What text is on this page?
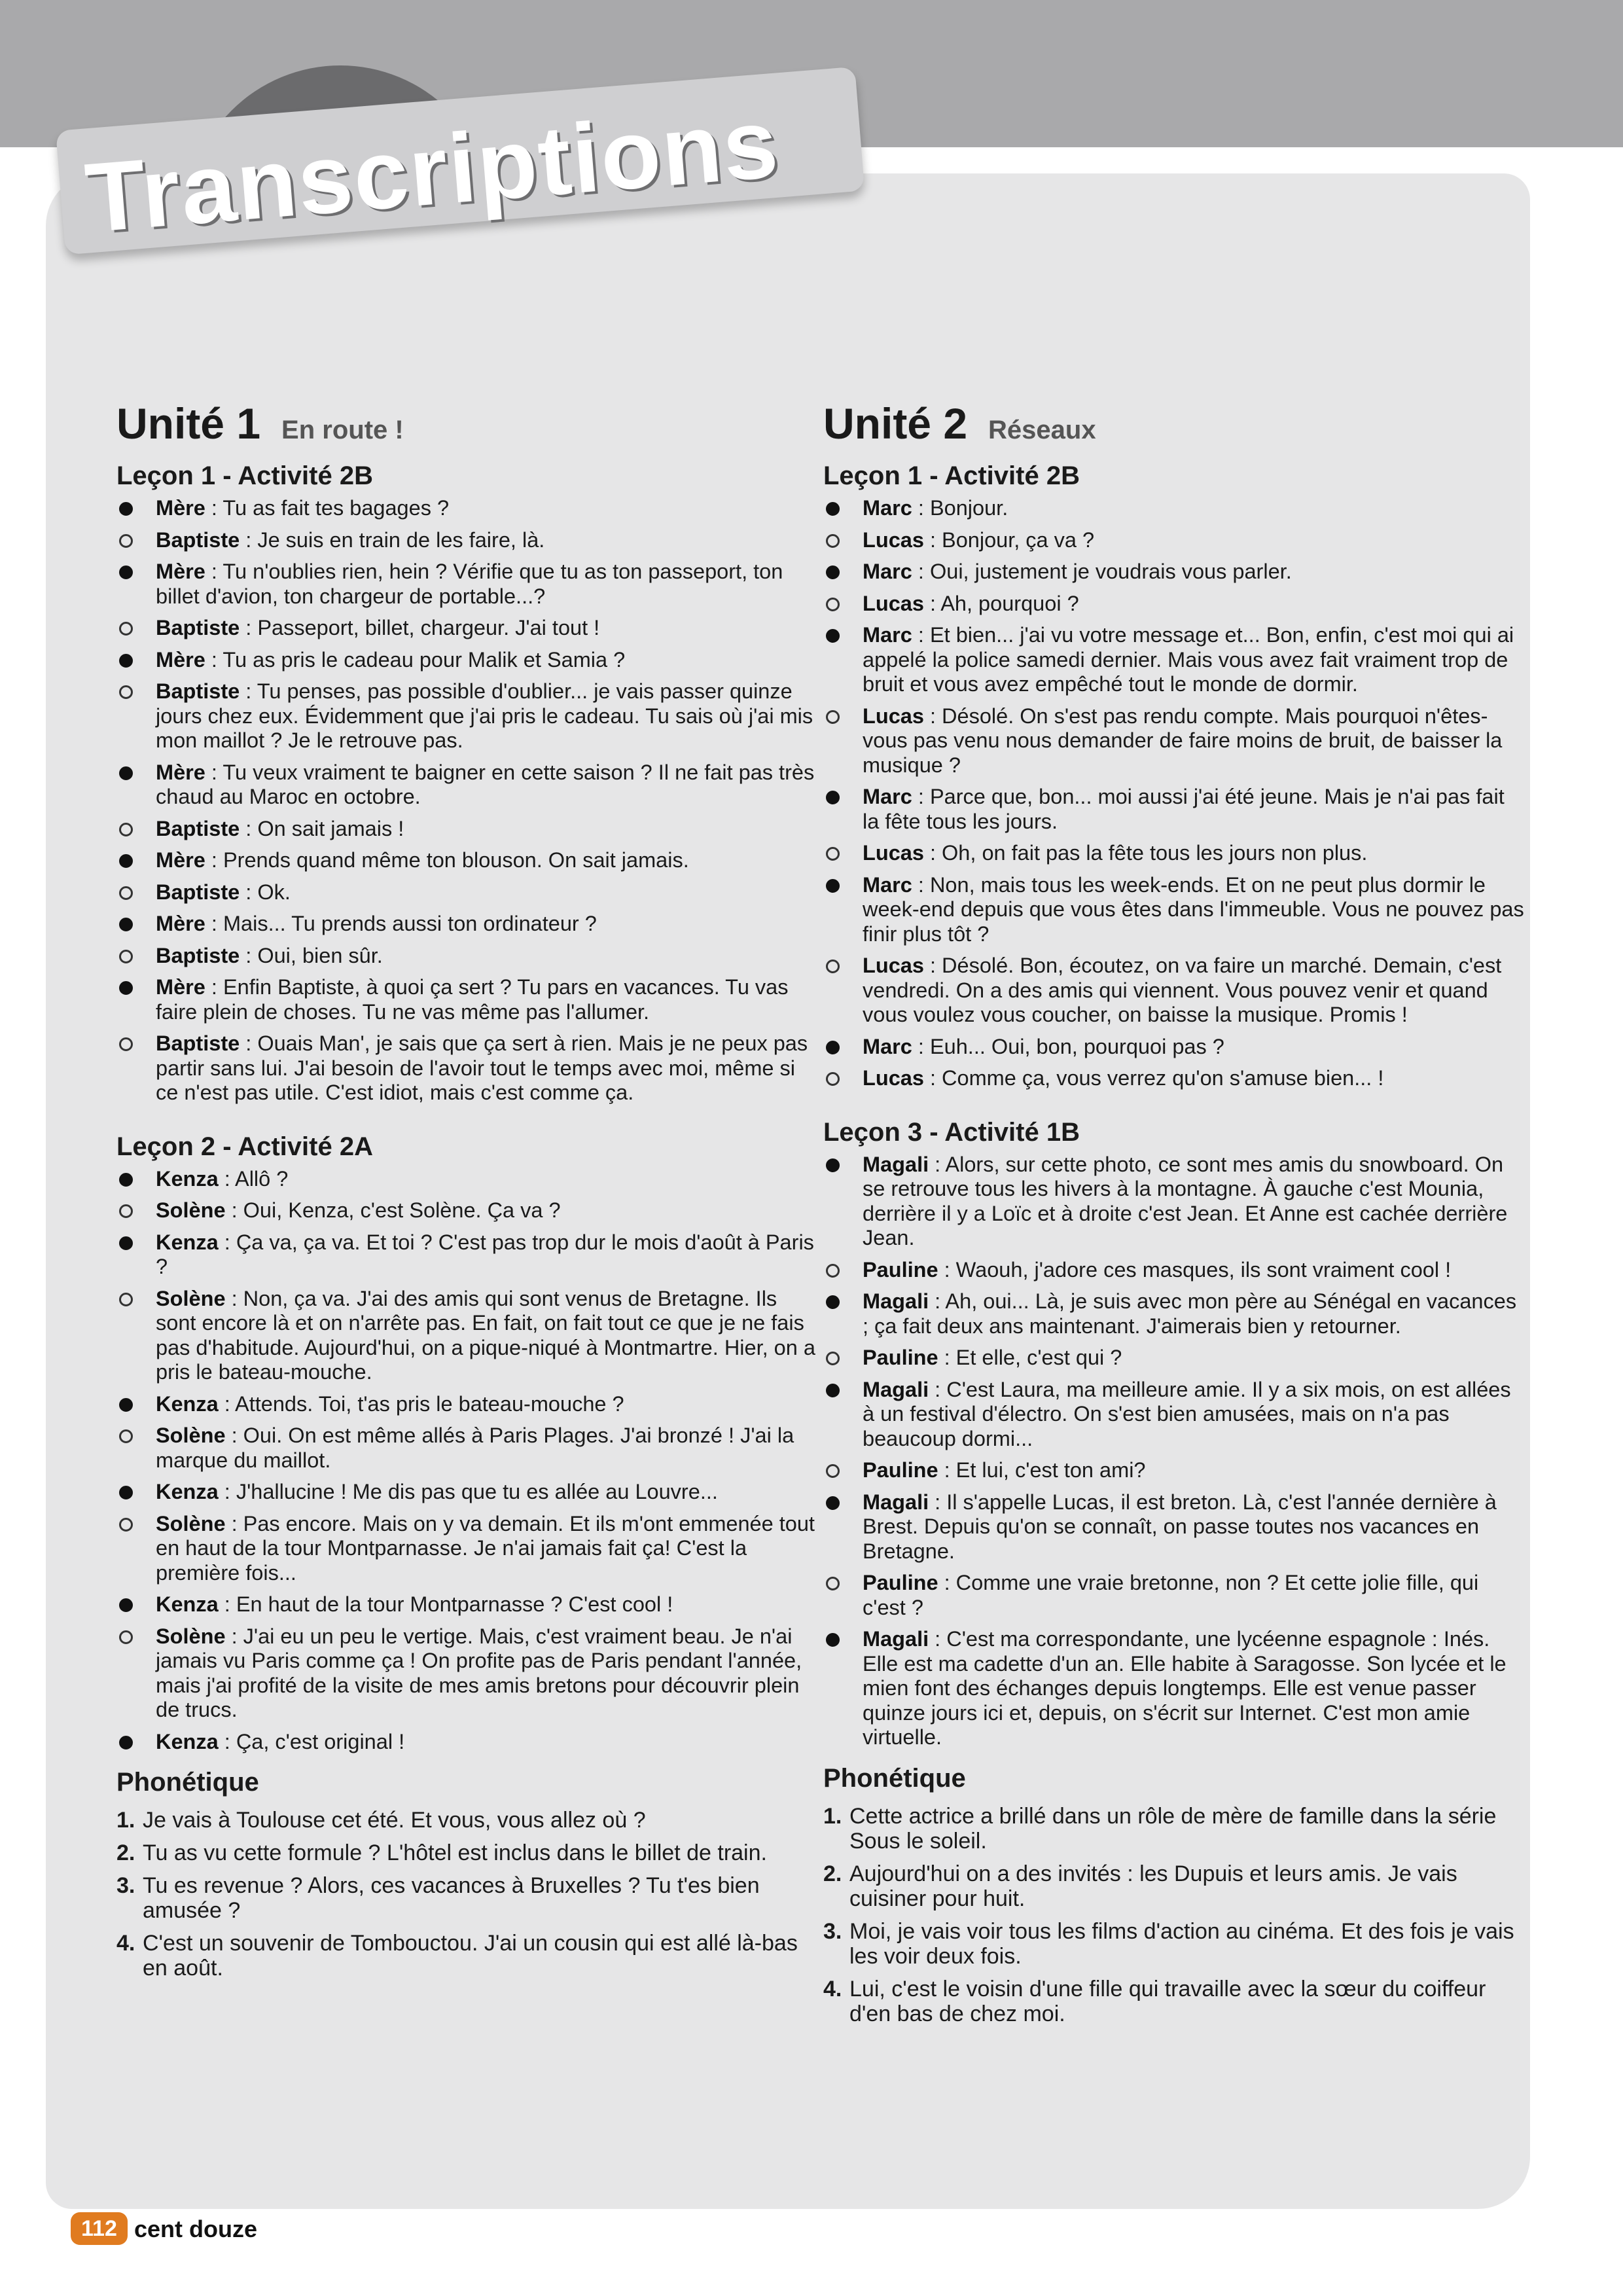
Transcriptions
Unité 1 En route !
Leçon 1 - Activité 2B
Mère : Tu as fait tes bagages ?
Baptiste : Je suis en train de les faire, là.
Mère : Tu n'oublies rien, hein ? Vérifie que tu as ton passeport, ton billet d'avion, ton chargeur de portable...?
Baptiste : Passeport, billet, chargeur. J'ai tout !
Mère : Tu as pris le cadeau pour Malik et Samia ?
Baptiste : Tu penses, pas possible d'oublier... je vais passer quinze jours chez eux. Évidemment que j'ai pris le cadeau. Tu sais où j'ai mis mon maillot ? Je le retrouve pas.
Mère : Tu veux vraiment te baigner en cette saison ? Il ne fait pas très chaud au Maroc en octobre.
Baptiste : On sait jamais !
Mère : Prends quand même ton blouson. On sait jamais.
Baptiste : Ok.
Mère : Mais... Tu prends aussi ton ordinateur ?
Baptiste : Oui, bien sûr.
Mère : Enfin Baptiste, à quoi ça sert ? Tu pars en vacances. Tu vas faire plein de choses. Tu ne vas même pas l'allumer.
Baptiste : Ouais Man', je sais que ça sert à rien. Mais je ne peux pas partir sans lui. J'ai besoin de l'avoir tout le temps avec moi, même si ce n'est pas utile. C'est idiot, mais c'est comme ça.
Leçon 2 - Activité 2A
Kenza : Allô ?
Solène : Oui, Kenza, c'est Solène. Ça va ?
Kenza : Ça va, ça va. Et toi ? C'est pas trop dur le mois d'août à Paris ?
Solène : Non, ça va. J'ai des amis qui sont venus de Bretagne. Ils sont encore là et on n'arrête pas. En fait, on fait tout ce que je ne fais pas d'habitude. Aujourd'hui, on a pique-niqué à Montmartre. Hier, on a pris le bateau-mouche.
Kenza : Attends. Toi, t'as pris le bateau-mouche ?
Solène : Oui. On est même allés à Paris Plages. J'ai bronzé ! J'ai la marque du maillot.
Kenza : J'hallucine ! Me dis pas que tu es allée au Louvre...
Solène : Pas encore. Mais on y va demain. Et ils m'ont emmenée tout en haut de la tour Montparnasse. Je n'ai jamais fait ça! C'est la première fois...
Kenza : En haut de la tour Montparnasse ? C'est cool !
Solène : J'ai eu un peu le vertige. Mais, c'est vraiment beau. Je n'ai jamais vu Paris comme ça ! On profite pas de Paris pendant l'année, mais j'ai profité de la visite de mes amis bretons pour découvrir plein de trucs.
Kenza : Ça, c'est original !
Phonétique
1. Je vais à Toulouse cet été. Et vous, vous allez où ?
2. Tu as vu cette formule ? L'hôtel est inclus dans le billet de train.
3. Tu es revenue ? Alors, ces vacances à Bruxelles ? Tu t'es bien amusée ?
4. C'est un souvenir de Tombouctou. J'ai un cousin qui est allé là-bas en août.
Unité 2 Réseaux
Leçon 1 - Activité 2B
Marc : Bonjour.
Lucas : Bonjour, ça va ?
Marc : Oui, justement je voudrais vous parler.
Lucas : Ah, pourquoi ?
Marc : Et bien... j'ai vu votre message et... Bon, enfin, c'est moi qui ai appelé la police samedi dernier. Mais vous avez fait vraiment trop de bruit et vous avez empêché tout le monde de dormir.
Lucas : Désolé. On s'est pas rendu compte. Mais pourquoi n'êtes-vous pas venu nous demander de faire moins de bruit, de baisser la musique ?
Marc : Parce que, bon... moi aussi j'ai été jeune. Mais je n'ai pas fait la fête tous les jours.
Lucas : Oh, on fait pas la fête tous les jours non plus.
Marc : Non, mais tous les week-ends. Et on ne peut plus dormir le week-end depuis que vous êtes dans l'immeuble. Vous ne pouvez pas finir plus tôt ?
Lucas : Désolé. Bon, écoutez, on va faire un marché. Demain, c'est vendredi. On a des amis qui viennent. Vous pouvez venir et quand vous voulez vous coucher, on baisse la musique. Promis !
Marc : Euh... Oui, bon, pourquoi pas ?
Lucas : Comme ça, vous verrez qu'on s'amuse bien... !
Leçon 3 - Activité 1B
Magali : Alors, sur cette photo, ce sont mes amis du snowboard. On se retrouve tous les hivers à la montagne. À gauche c'est Mounia, derrière il y a Loïc et à droite c'est Jean. Et Anne est cachée derrière Jean.
Pauline : Waouh, j'adore ces masques, ils sont vraiment cool !
Magali : Ah, oui... Là, je suis avec mon père au Sénégal en vacances ; ça fait deux ans maintenant. J'aimerais bien y retourner.
Pauline : Et elle, c'est qui ?
Magali : C'est Laura, ma meilleure amie. Il y a six mois, on est allées à un festival d'électro. On s'est bien amusées, mais on n'a pas beaucoup dormi...
Pauline : Et lui, c'est ton ami?
Magali : Il s'appelle Lucas, il est breton. Là, c'est l'année dernière à Brest. Depuis qu'on se connaît, on passe toutes nos vacances en Bretagne.
Pauline : Comme une vraie bretonne, non ? Et cette jolie fille, qui c'est ?
Magali : C'est ma correspondante, une lycéenne espagnole : Inés. Elle est ma cadette d'un an. Elle habite à Saragosse. Son lycée et le mien font des échanges depuis longtemps. Elle est venue passer quinze jours ici et, depuis, on s'écrit sur Internet. C'est mon amie virtuelle.
Phonétique
1. Cette actrice a brillé dans un rôle de mère de famille dans la série Sous le soleil.
2. Aujourd'hui on a des invités : les Dupuis et leurs amis. Je vais cuisiner pour huit.
3. Moi, je vais voir tous les films d'action au cinéma. Et des fois je vais les voir deux fois.
4. Lui, c'est le voisin d'une fille qui travaille avec la sœur du coiffeur d'en bas de chez moi.
112 cent douze
